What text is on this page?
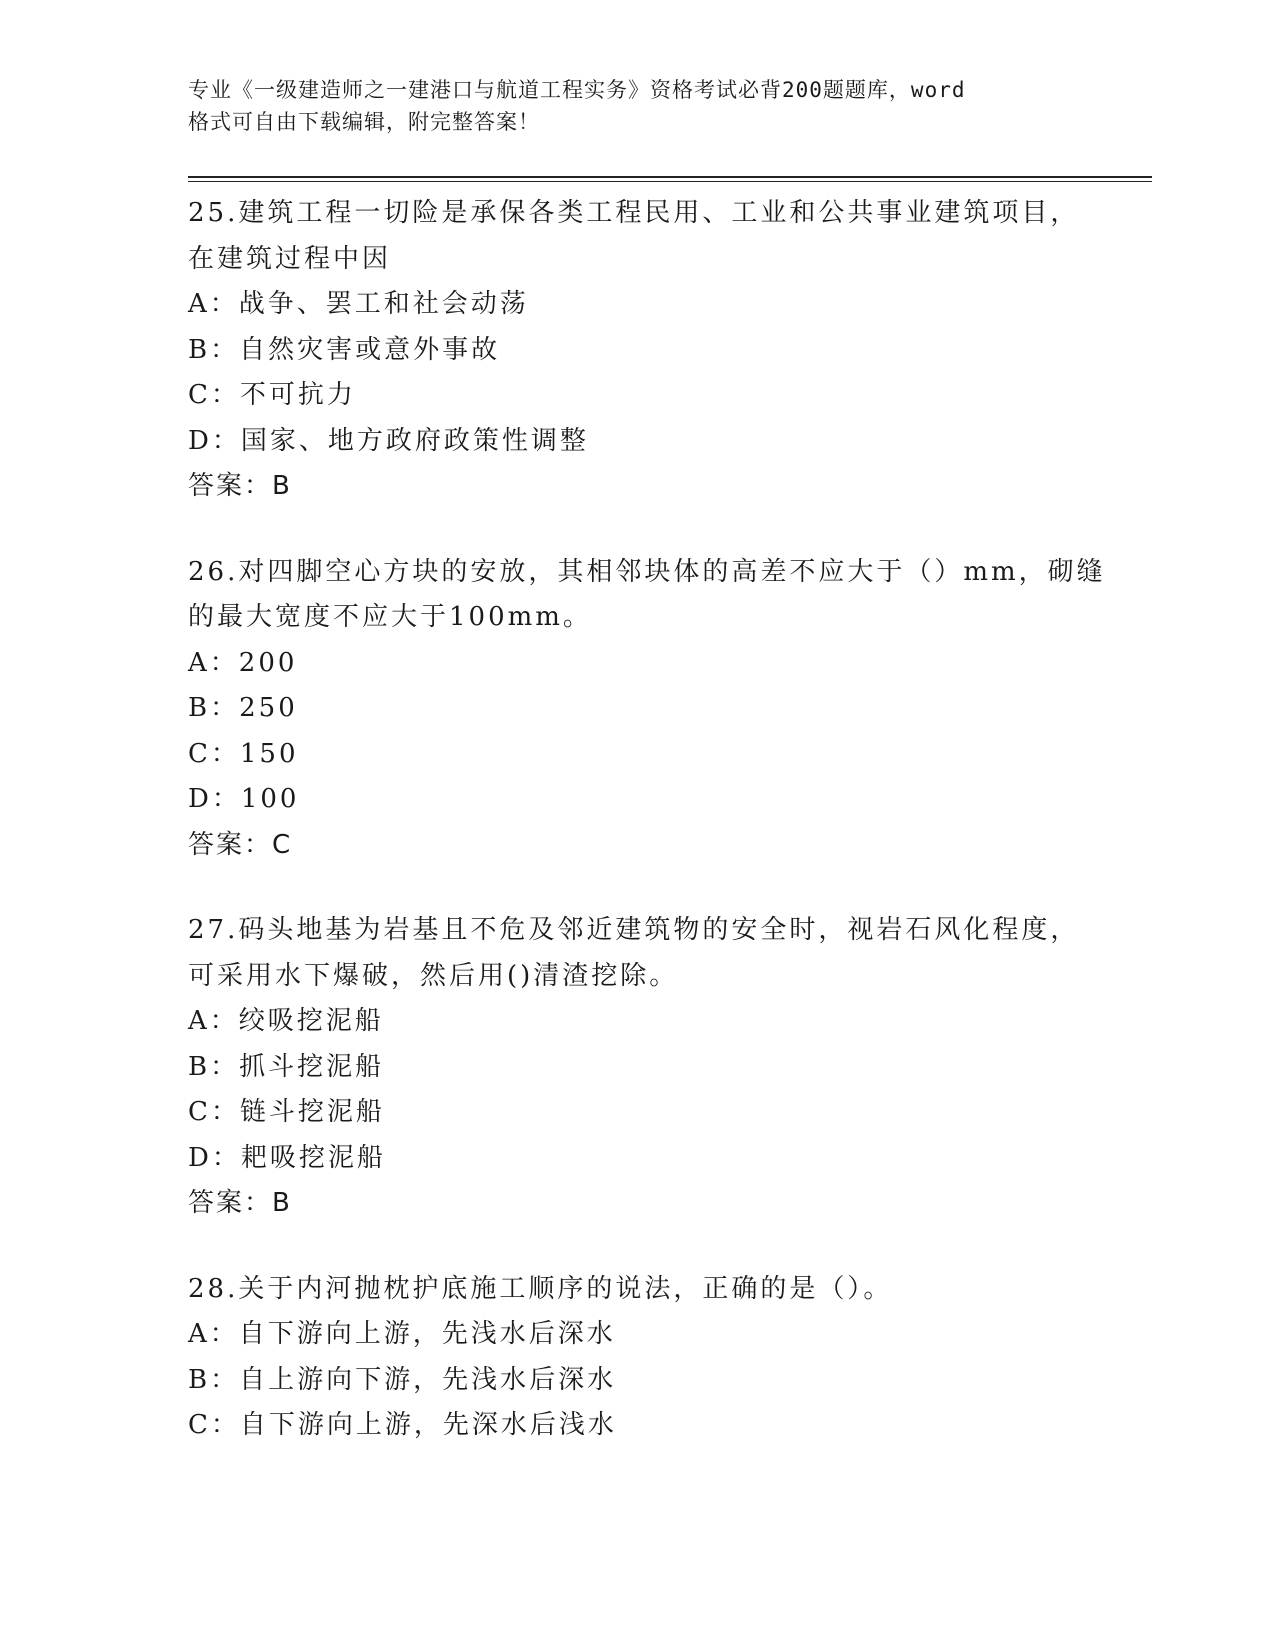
专业《一级建造师之一建港口与航道工程实务》资格考试必背200题题库，word
格式可自由下载编辑，附完整答案！
25.建筑工程一切险是承保各类工程民用、工业和公共事业建筑项目，
在建筑过程中因
A：战争、罢工和社会动荡
B：自然灾害或意外事故
C：不可抗力
D：国家、地方政府政策性调整
答案：B
26.对四脚空心方块的安放，其相邻块体的高差不应大于（）mm，砌缝
的最大宽度不应大于100mm。
A：200
B：250
C：150
D：100
答案：C
27.码头地基为岩基且不危及邻近建筑物的安全时，视岩石风化程度，
可采用水下爆破，然后用()清渣挖除。
A：绞吸挖泥船
B：抓斗挖泥船
C：链斗挖泥船
D：耙吸挖泥船
答案：B
28.关于内河抛枕护底施工顺序的说法，正确的是（）。
A：自下游向上游，先浅水后深水
B：自上游向下游，先浅水后深水
C：自下游向上游，先深水后浅水
